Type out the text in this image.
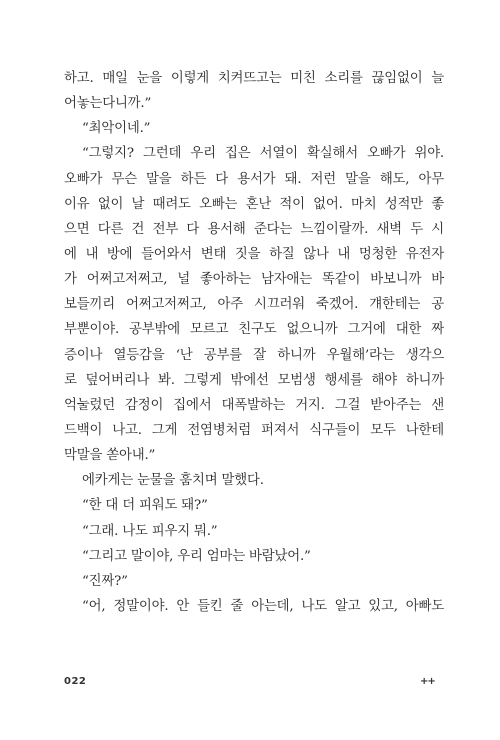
하고. 매일 눈을 이렇게 치켜뜨고는 미친 소리를 끊임없이 늘
어놓는다니까.”
“최악이네.”
“그렇지? 그런데 우리 집은 서열이 확실해서 오빠가 위야.
오빠가 무슨 말을 하든 다 용서가 돼. 저런 말을 해도, 아무
이유 없이 날 때려도 오빠는 혼난 적이 없어. 마치 성적만 좋
으면 다른 건 전부 다 용서해 준다는 느낌이랄까. 새벽 두 시
에 내 방에 들어와서 변태 짓을 하질 않나 내 멍청한 유전자
가 어쩌고저쩌고, 널 좋아하는 남자애는 똑같이 바보니까 바
보들끼리 어쩌고저쩌고, 아주 시끄러워 죽겠어. 걔한테는 공
부뿐이야. 공부밖에 모르고 친구도 없으니까 그거에 대한 짜
증이나 열등감을 ‘난 공부를 잘 하니까 우월해’라는 생각으
로 덮어버리나 봐. 그렇게 밖에선 모범생 행세를 해야 하니까
억눌렀던 감정이 집에서 대폭발하는 거지. 그걸 받아주는 샌
드백이 나고. 그게 전염병처럼 퍼져서 식구들이 모두 나한테
막말을 쏟아내.”
에카게는 눈물을 훔치며 말했다.
“한 대 더 피워도 돼?”
“그래. 나도 피우지 뭐.”
“그리고 말이야, 우리 엄마는 바람났어.”
“진짜?”
“어, 정말이야. 안 들킨 줄 아는데, 나도 알고 있고, 아빠도
022	++
